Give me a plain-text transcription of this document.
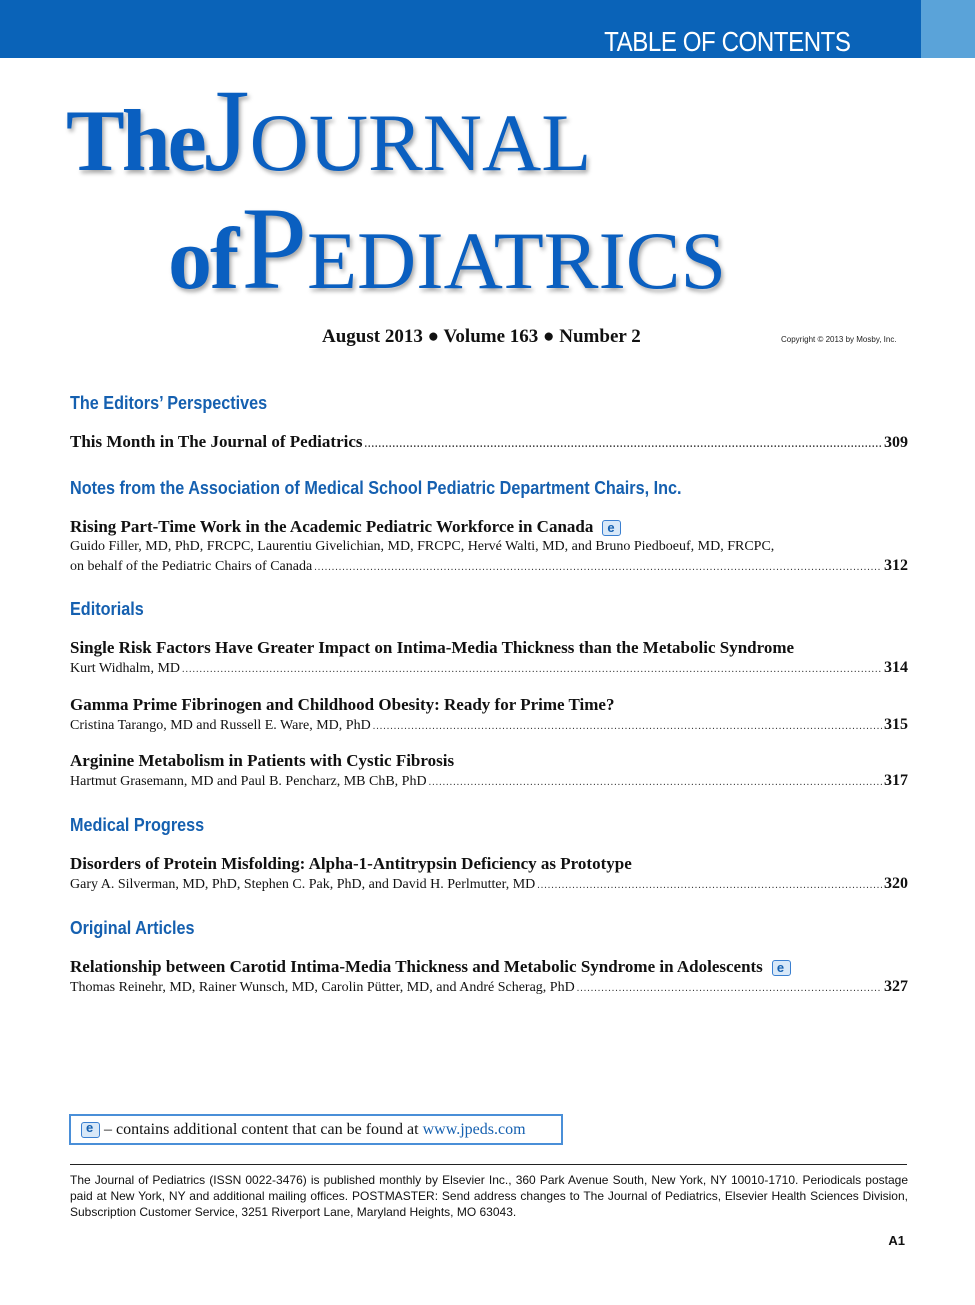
TABLE OF CONTENTS
TheJOURNAL
of PEDIATRICS
August 2013 ● Volume 163 ● Number 2	Copyright © 2013 by Mosby, Inc.
The Editors’ Perspectives
This Month in The Journal of Pediatrics .....	309
Notes from the Association of Medical School Pediatric Department Chairs, Inc.
Rising Part-Time Work in the Academic Pediatric Workforce in Canadae
Guido Filler, MD, PhD, FRCPC, Laurentiu Givelichian, MD, FRCPC, Hervé Walti, MD, and Bruno Piedboeuf, MD, FRCPC,
on behalf of the Pediatric Chairs of Canada .....	312
Editorials
Single Risk Factors Have Greater Impact on Intima-Media Thickness than the Metabolic Syndrome
Kurt Widhalm, MD .....	314
Gamma Prime Fibrinogen and Childhood Obesity: Ready for Prime Time?
Cristina Tarango, MD and Russell E. Ware, MD, PhD .....	315
Arginine Metabolism in Patients with Cystic Fibrosis
Hartmut Grasemann, MD and Paul B. Pencharz, MB ChB, PhD .....	317
Medical Progress
Disorders of Protein Misfolding: Alpha-1-Antitrypsin Deficiency as Prototype
Gary A. Silverman, MD, PhD, Stephen C. Pak, PhD, and David H. Perlmutter, MD .....	320
Original Articles
Relationship between Carotid Intima-Media Thickness and Metabolic Syndrome in Adolescentse
Thomas Reinehr, MD, Rainer Wunsch, MD, Carolin Pütter, MD, and André Scherag, PhD .....	327
e
– contains additional content that can be found at
www.jpeds.com
The Journal of Pediatrics (ISSN 0022-3476) is published monthly by Elsevier Inc., 360 Park Avenue South, New York, NY 10010-1710. Periodicals postage paid at New York, NY and additional mailing offices. POSTMASTER: Send address changes to The Journal of Pediatrics, Elsevier Health Sciences Division, Subscription Customer Service, 3251 Riverport Lane, Maryland Heights, MO 63043.
A1
